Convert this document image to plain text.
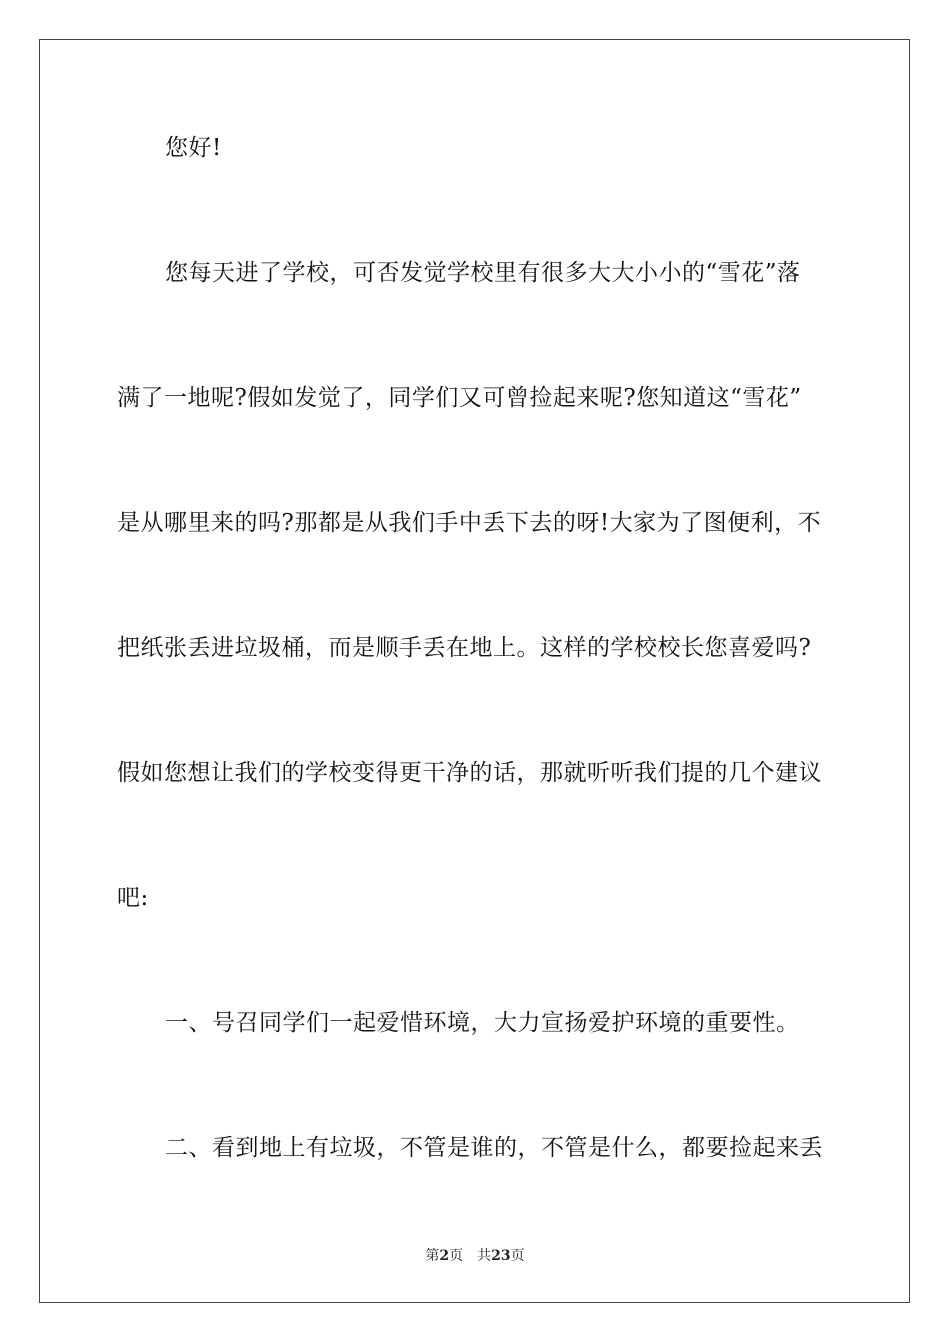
您好!
您每天进了学校，可否发觉学校里有很多大大小小的“雪花”落
满了一地呢?假如发觉了，同学们又可曾捡起来呢?您知道这“雪花”
是从哪里来的吗?那都是从我们手中丢下去的呀!大家为了图便利，不
把纸张丢进垃圾桶，而是顺手丢在地上。这样的学校校长您喜爱吗?
假如您想让我们的学校变得更干净的话，那就听听我们提的几个建议
吧:
一、号召同学们一起爱惜环境，大力宣扬爱护环境的重要性。
二、看到地上有垃圾，不管是谁的，不管是什么，都要捡起来丢
第2页 共23页
